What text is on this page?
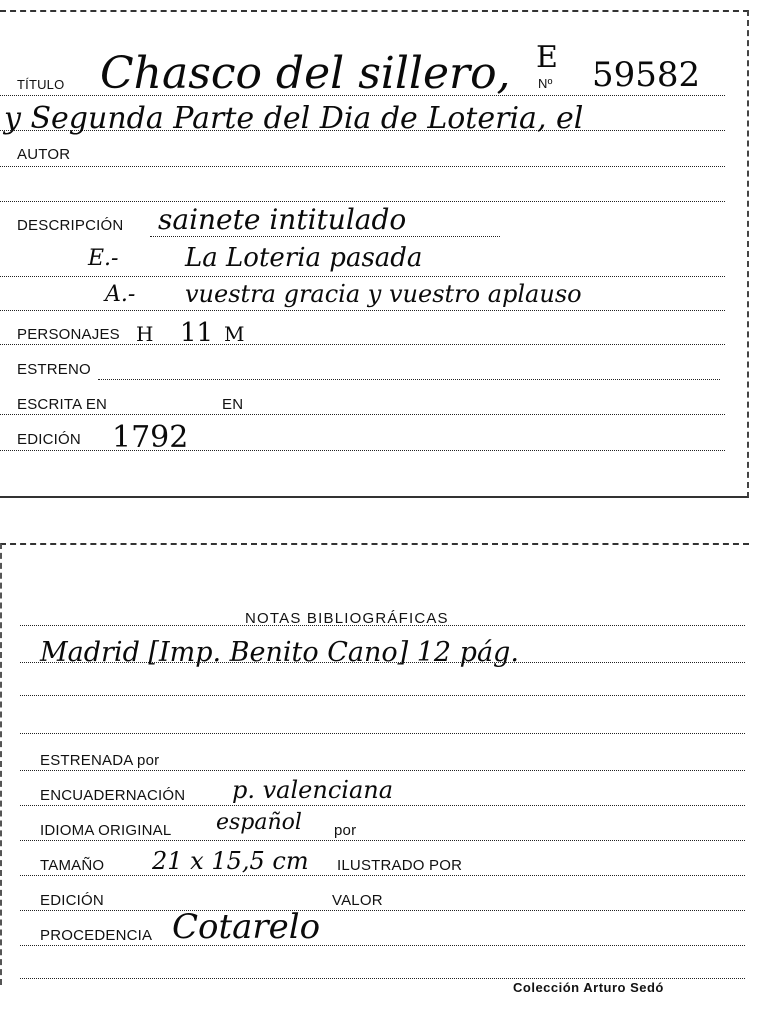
TÍTULO Chasco del sillero, E
Nº 59582
y Segunda Parte del Dia de Loteria, el
AUTOR
DESCRIPCIÓN sainete intitulado
E.-	La Loteria pasada
A.- vuestra gracia y vuestro aplauso
PERSONAJES H 11 M
ESTRENO
ESCRITA EN	EN
EDICIÓN 1792
NOTAS BIBLIOGRÁFICAS
Madrid [Imp. Benito Cano] 12 pág.
ESTRENADA por
ENCUADERNACIÓN p. valenciana
IDIOMA ORIGINAL español por
TAMAÑO 21 x 15,5 cm ILUSTRADO POR
EDICIÓN	VALOR
PROCEDENCIA Cotarelo
Colección Arturo Sedó
